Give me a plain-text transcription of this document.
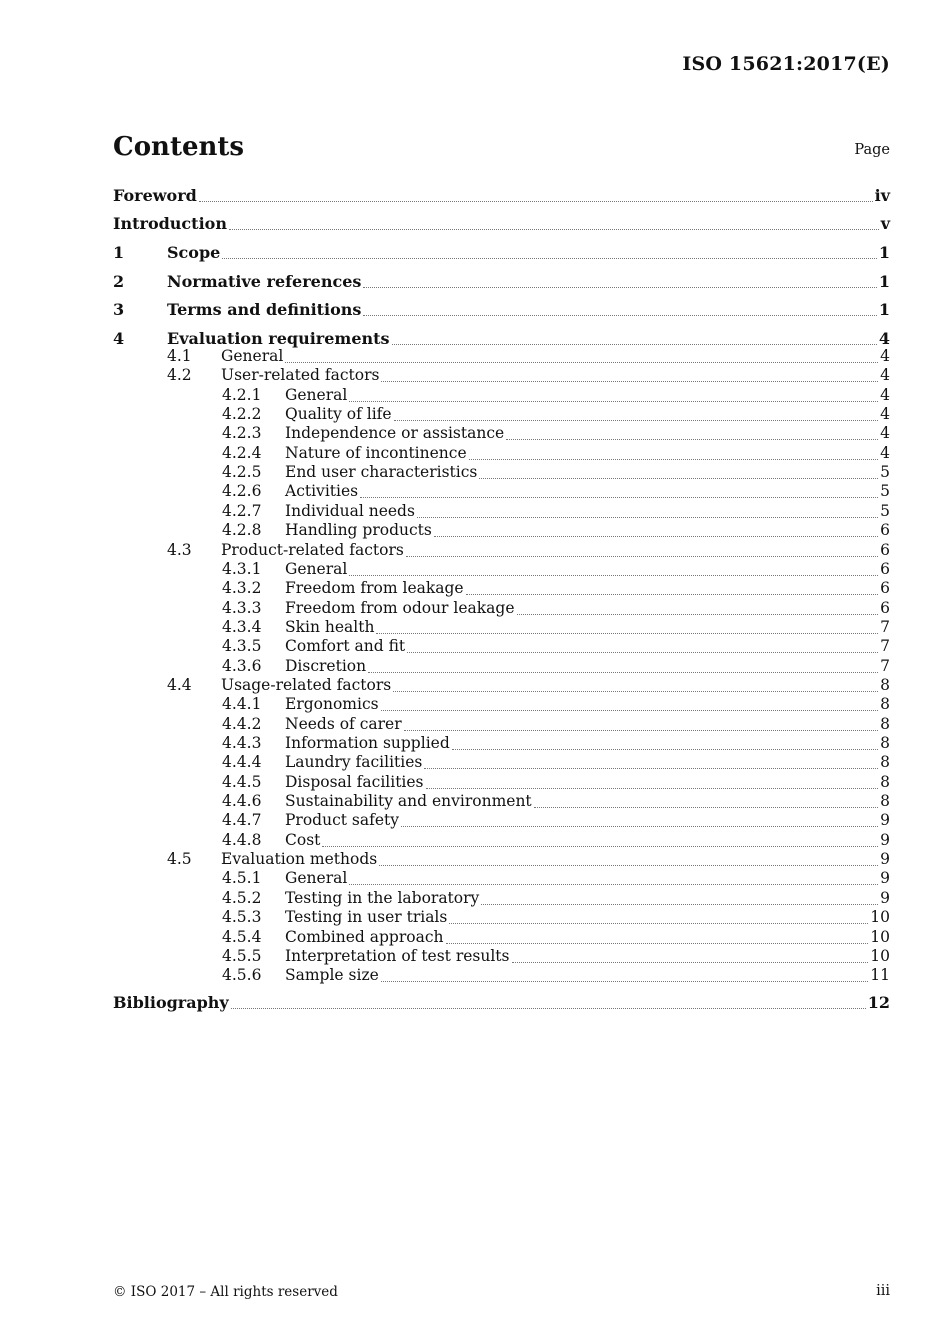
ISO 15621:2017(E)
Contents	Page
Foreword	iv
Introduction	v
1	Scope	1
2	Normative references	1
3	Terms and definitions	1
4	Evaluation requirements	4
4.1	General	4
4.2	User-related factors	4
4.2.1	General	4
4.2.2	Quality of life	4
4.2.3	Independence or assistance	4
4.2.4	Nature of incontinence	4
4.2.5	End user characteristics	5
4.2.6	Activities	5
4.2.7	Individual needs	5
4.2.8	Handling products	6
4.3	Product-related factors	6
4.3.1	General	6
4.3.2	Freedom from leakage	6
4.3.3	Freedom from odour leakage	6
4.3.4	Skin health	7
4.3.5	Comfort and fit	7
4.3.6	Discretion	7
4.4	Usage-related factors	8
4.4.1	Ergonomics	8
4.4.2	Needs of carer	8
4.4.3	Information supplied	8
4.4.4	Laundry facilities	8
4.4.5	Disposal facilities	8
4.4.6	Sustainability and environment	8
4.4.7	Product safety	9
4.4.8	Cost	9
4.5	Evaluation methods	9
4.5.1	General	9
4.5.2	Testing in the laboratory	9
4.5.3	Testing in user trials	10
4.5.4	Combined approach	10
4.5.5	Interpretation of test results	10
4.5.6	Sample size	11
Bibliography	12
© ISO 2017 – All rights reserved	iii
